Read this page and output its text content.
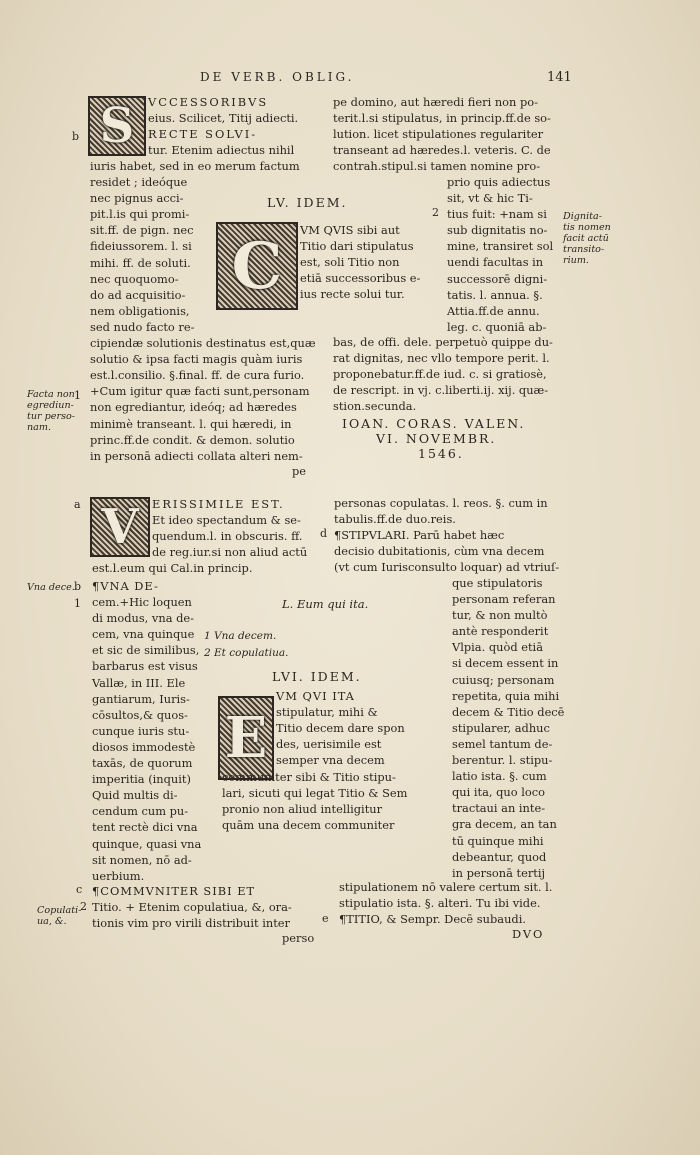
DE VERB. OBLIG.	141
S
C
V
E

VCCESSORIBVS

eius. Scilicet, Titij adiecti.

RECTE SOLVI-

tur. Etenim adiectus nihil

iuris habet, sed in eo merum factum

residet ; ideóque

nec pignus acci-

pit.l.is qui promi-

sit.ff. de pign. nec

fideiussorem. l. si

mihi. ff. de soluti.

nec quoquomo-

do ad acquisitio-

nem obligationis,

sed nudo facto re-

cipiendæ solutionis destinatus est,quæ

solutio & ipsa facti magis quàm iuris

est.l.consilio. §.final. ff. de cura furio.

+Cum igitur quæ facti sunt,personam

non egrediantur, ideóq; ad hæredes

minimè transeant. l. qui hæredi, in

princ.ff.de condit. & demon. solutio

in personā adiecti collata alteri nem-

pe

pe domino, aut hæredi fieri non po-

terit.l.si stipulatus, in princip.ff.de so-

lution. licet stipulationes regulariter

transeant ad hæredes.l. veteris. C. de

contrah.stipul.si tamen nomine pro-

prio quis adiectus

sit, vt & hic Ti-

tius fuit: +nam si

sub dignitatis no-

mine, transiret sol

uendi facultas in

successorē digni-

tatis. l. annua. §.

Attia.ff.de annu.

leg. c. quoniā ab-

LV. IDEM.

VM QVIS sibi aut

Titio dari stipulatus

est, soli Titio non

etiā successoribus e-

ius recte solui tur.

bas, de offi. dele. perpetuò quippe du-

rat dignitas, nec vllo tempore perit. l.

proponebatur.ff.de iud. c. si gratiosè,

de rescript. in vj. c.liberti.ij. xij. quæ-

stion.secunda.

IOAN. CORAS. VALEN.
VI. NOVEMBR.
1546.

ERISSIMILE EST.

Et ideo spectandum & se-

quendum.l. in obscuris. ff.

de reg.iur.si non aliud actū

est.l.eum qui Cal.in princip.

¶VNA DE-

cem.+Hic loquen

di modus, vna de-

cem, vna quinque

et sic de similibus,

barbarus est visus

Vallæ, in III. Ele

gantiarum, Iuris-

cōsultos,& quos-

cunque iuris stu-

diosos immodestè

taxās, de quorum

imperitia (inquit)

Quid multis di-

cendum cum pu-

tent rectè dici vna

quinque, quasi vna

sit nomen, nō ad-

uerbium.

¶COMMVNITER SIBI ET

Titio. + Etenim copulatiua, &, ora-

tionis vim pro virili distribuit inter

perso
L. Eum qui ita.
1 Vna decem.
2 Et copulatiua.
LVI. IDEM.

VM QVI ITA

stipulatur, mihi &

Titio decem dare spon

des, uerisimile est

semper vna decem

communiter sibi & Titio stipu-

lari, sicuti qui legat Titio & Sem

pronio non aliud intelligitur

quām una decem communiter

personas copulatas. l. reos. §. cum in

tabulis.ff.de duo.reis.

¶STIPVLARI. Parū habet hæc

decisio dubitationis, cùm vna decem

(vt cum Iurisconsulto loquar) ad vtriuſ-

que stipulatoris

personam referan

tur, & non multò

antè responderit

Vlpia. quòd etiā

si decem essent in

cuiusq; personam

repetita, quia mihi

decem & Titio decē

stipularer, adhuc

semel tantum de-

berentur. l. stipu-

latio ista. §. cum

qui ita, quo loco

tractaui an inte-

gra decem, an tan

tū quinque mihi

debeantur, quod

in personā tertij

stipulationem nō valere certum sit. l.

stipulatio ista. §. alteri. Tu ibi vide.

¶TITIO, & Sempr. Decē subaudi.

DVO
Dignita-
tis nomen
facit actū
transito-
rium.
Facta non
egrediun-
tur perso-
nam.
Vna dece.
Copulati-
ua, &.
b
2
1
a
b
1
d
c
2
e
